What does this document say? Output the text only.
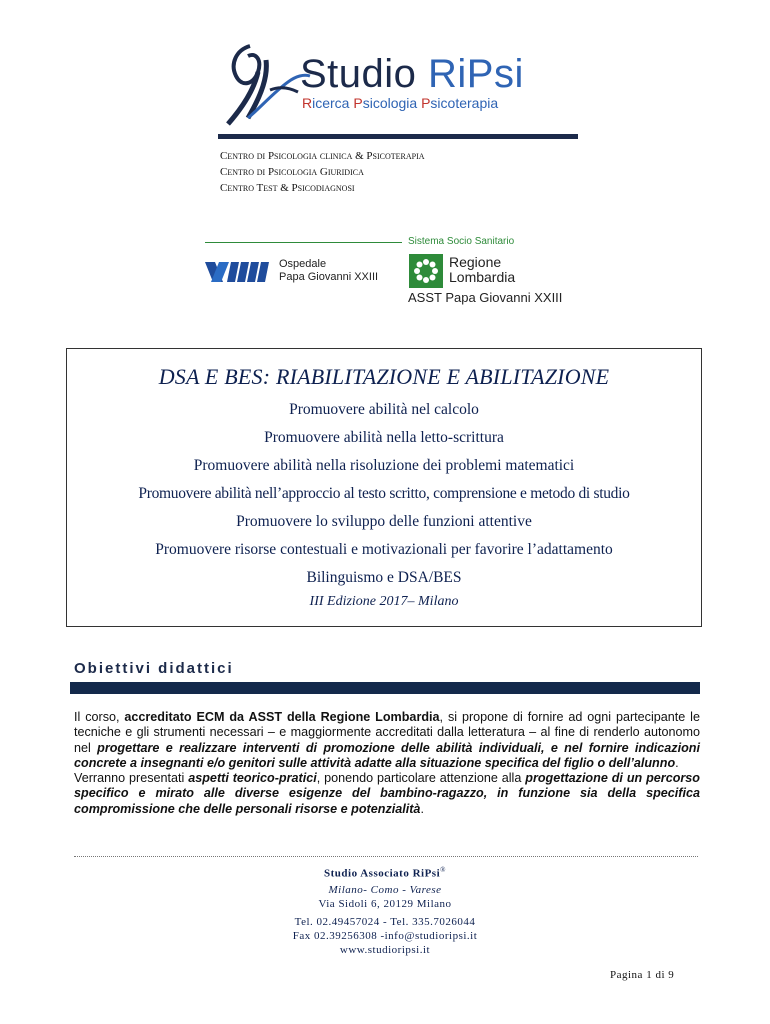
Studio RiPsi
Ricerca Psicologia Psicoterapia
Centro di Psicologia clinica & Psicoterapia
Centro di Psicologia Giuridica
Centro Test & Psicodiagnosi
Sistema Socio Sanitario
Ospedale
Papa Giovanni XXIII
Regione
Lombardia
ASST Papa Giovanni XXIII
DSA E BES: RIABILITAZIONE E ABILITAZIONE
Promuovere abilità nel calcolo
Promuovere abilità nella letto-scrittura
Promuovere abilità nella risoluzione dei problemi matematici
Promuovere abilità nell’approccio al testo scritto, comprensione e metodo di studio
Promuovere lo sviluppo delle funzioni attentive
Promuovere risorse contestuali e motivazionali per favorire l’adattamento
Bilinguismo e DSA/BES
III Edizione 2017– Milano
Obiettivi didattici

Il corso, accreditato ECM da ASST della Regione Lombardia, si propone di fornire ad ogni partecipante le tecniche e gli strumenti necessari – e maggiormente accreditati dalla letteratura – al fine di renderlo autonomo nel progettare e realizzare interventi di promozione delle abilità individuali, e nel fornire indicazioni concrete a insegnanti e/o genitori sulle attività adatte alla situazione specifica del figlio o dell’alunno.

Verranno presentati aspetti teorico-pratici, ponendo particolare attenzione alla progettazione di un percorso specifico e mirato alle diverse esigenze del bambino-ragazzo, in funzione sia della specifica compromissione che delle personali risorse e potenzialità.

Studio Associato RiPsi®
Milano- Como - Varese
Via Sidoli 6, 20129 Milano
Tel. 02.49457024 - Tel. 335.7026044
Fax 02.39256308 -info@studioripsi.it
www.studioripsi.it
Pagina 1 di 9
